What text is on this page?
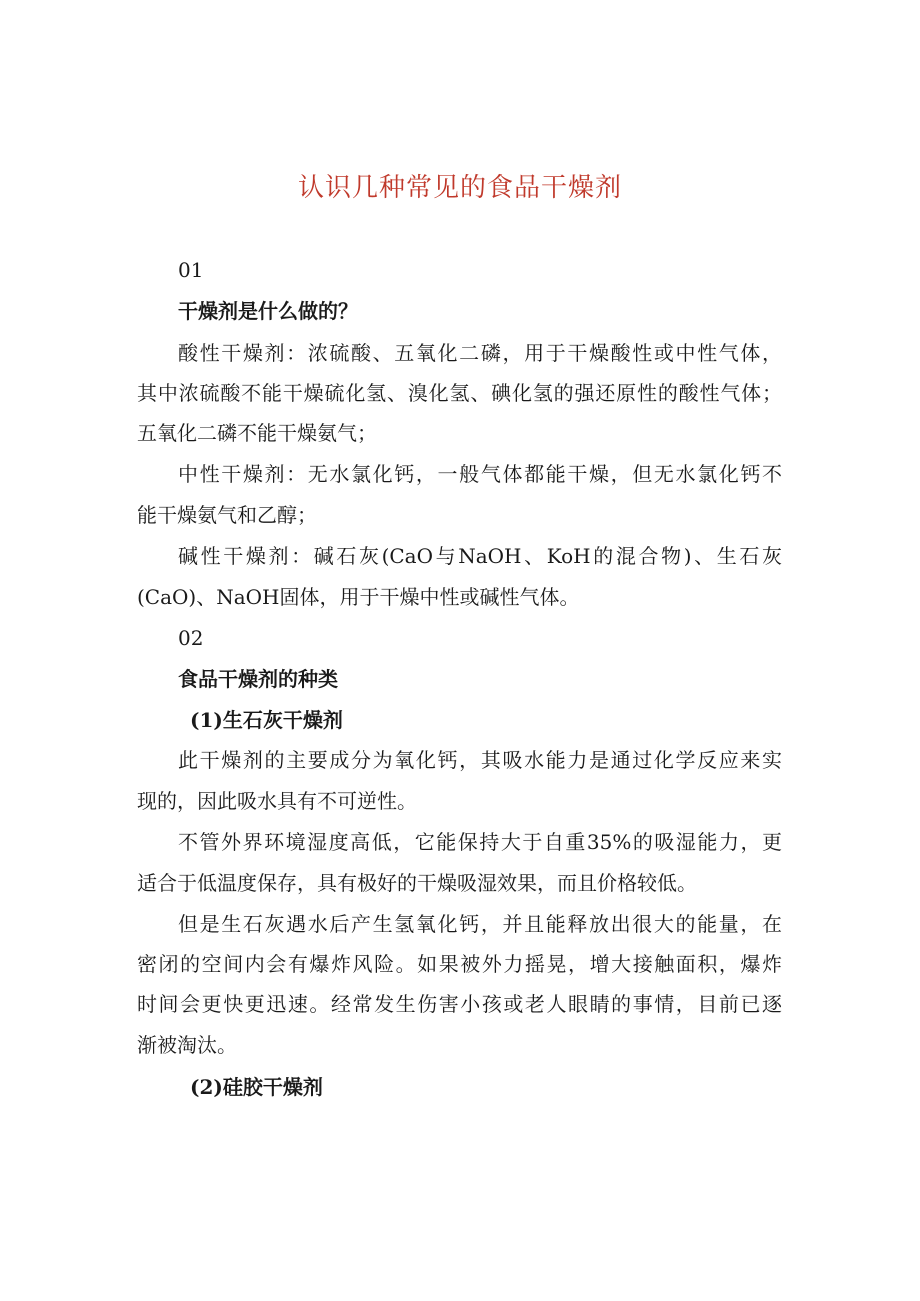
认识几种常见的食品干燥剂
01
干燥剂是什么做的？
酸性干燥剂：浓硫酸、五氧化二磷，用于干燥酸性或中性气体，
其中浓硫酸不能干燥硫化氢、溴化氢、碘化氢的强还原性的酸性气体；
五氧化二磷不能干燥氨气；
中性干燥剂：无水氯化钙，一般气体都能干燥，但无水氯化钙不
能干燥氨气和乙醇；
碱性干燥剂：碱石灰(CaO与NaOH、KoH的混合物)、生石灰
(CaO)、NaOH固体，用于干燥中性或碱性气体。
02
食品干燥剂的种类
(1)生石灰干燥剂
此干燥剂的主要成分为氧化钙，其吸水能力是通过化学反应来实
现的，因此吸水具有不可逆性。
不管外界环境湿度高低，它能保持大于自重35%的吸湿能力，更
适合于低温度保存，具有极好的干燥吸湿效果，而且价格较低。
但是生石灰遇水后产生氢氧化钙，并且能释放出很大的能量，在
密闭的空间内会有爆炸风险。如果被外力摇晃，增大接触面积，爆炸
时间会更快更迅速。经常发生伤害小孩或老人眼睛的事情，目前已逐
渐被淘汰。
(2)硅胶干燥剂
